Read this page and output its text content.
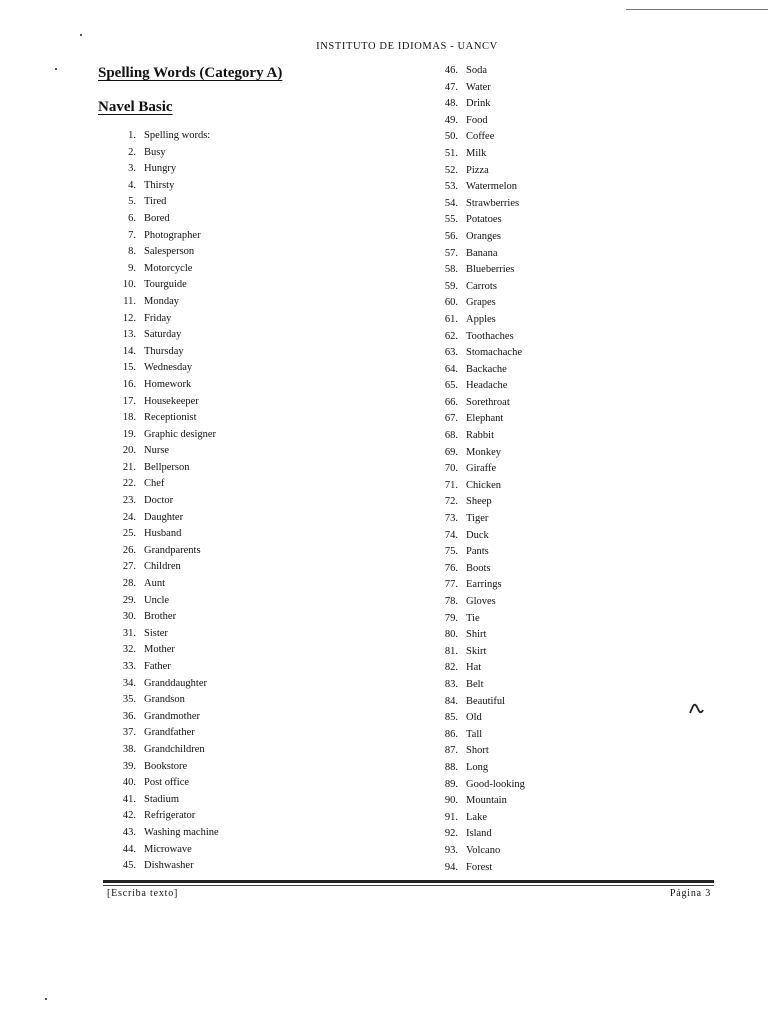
INSTITUTO DE IDIOMAS - UANCV
Spelling Words (Category A)
Navel Basic
1. Spelling words:
2. Busy
3. Hungry
4. Thirsty
5. Tired
6. Bored
7. Photographer
8. Salesperson
9. Motorcycle
10. Tourguide
11. Monday
12. Friday
13. Saturday
14. Thursday
15. Wednesday
16. Homework
17. Housekeeper
18. Receptionist
19. Graphic designer
20. Nurse
21. Bellperson
22. Chef
23. Doctor
24. Daughter
25. Husband
26. Grandparents
27. Children
28. Aunt
29. Uncle
30. Brother
31. Sister
32. Mother
33. Father
34. Granddaughter
35. Grandson
36. Grandmother
37. Grandfather
38. Grandchildren
39. Bookstore
40. Post office
41. Stadium
42. Refrigerator
43. Washing machine
44. Microwave
45. Dishwasher
46. Soda
47. Water
48. Drink
49. Food
50. Coffee
51. Milk
52. Pizza
53. Watermelon
54. Strawberries
55. Potatoes
56. Oranges
57. Banana
58. Blueberries
59. Carrots
60. Grapes
61. Apples
62. Toothaches
63. Stomachache
64. Backache
65. Headache
66. Sorethroat
67. Elephant
68. Rabbit
69. Monkey
70. Giraffe
71. Chicken
72. Sheep
73. Tiger
74. Duck
75. Pants
76. Boots
77. Earrings
78. Gloves
79. Tie
80. Shirt
81. Skirt
82. Hat
83. Belt
84. Beautiful
85. Old
86. Tall
87. Short
88. Long
89. Good-looking
90. Mountain
91. Lake
92. Island
93. Volcano
94. Forest
[Escriba texto]	Página 3
